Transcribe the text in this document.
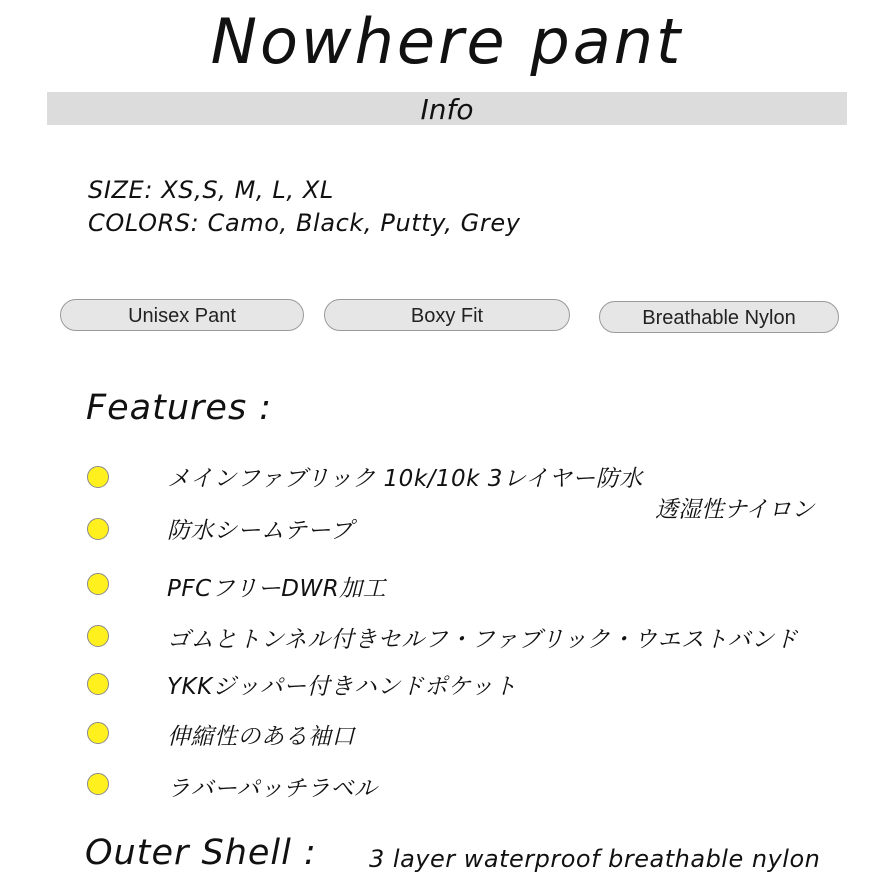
Nowhere pant
Info
SIZE: XS,S, M, L, XL
COLORS: Camo, Black, Putty, Grey
Unisex Pant	Boxy Fit	Breathable Nylon
Features :
メインファブリック 10k/10k 3レイヤー防水
透湿性ナイロン
防水シームテープ
PFCフリーDWR加工
ゴムとトンネル付きセルフ・ファブリック・ウエストバンド
YKKジッパー付きハンドポケット
伸縮性のある袖口
ラバーパッチラベル
Outer Shell : 3 layer waterproof breathable nylon
